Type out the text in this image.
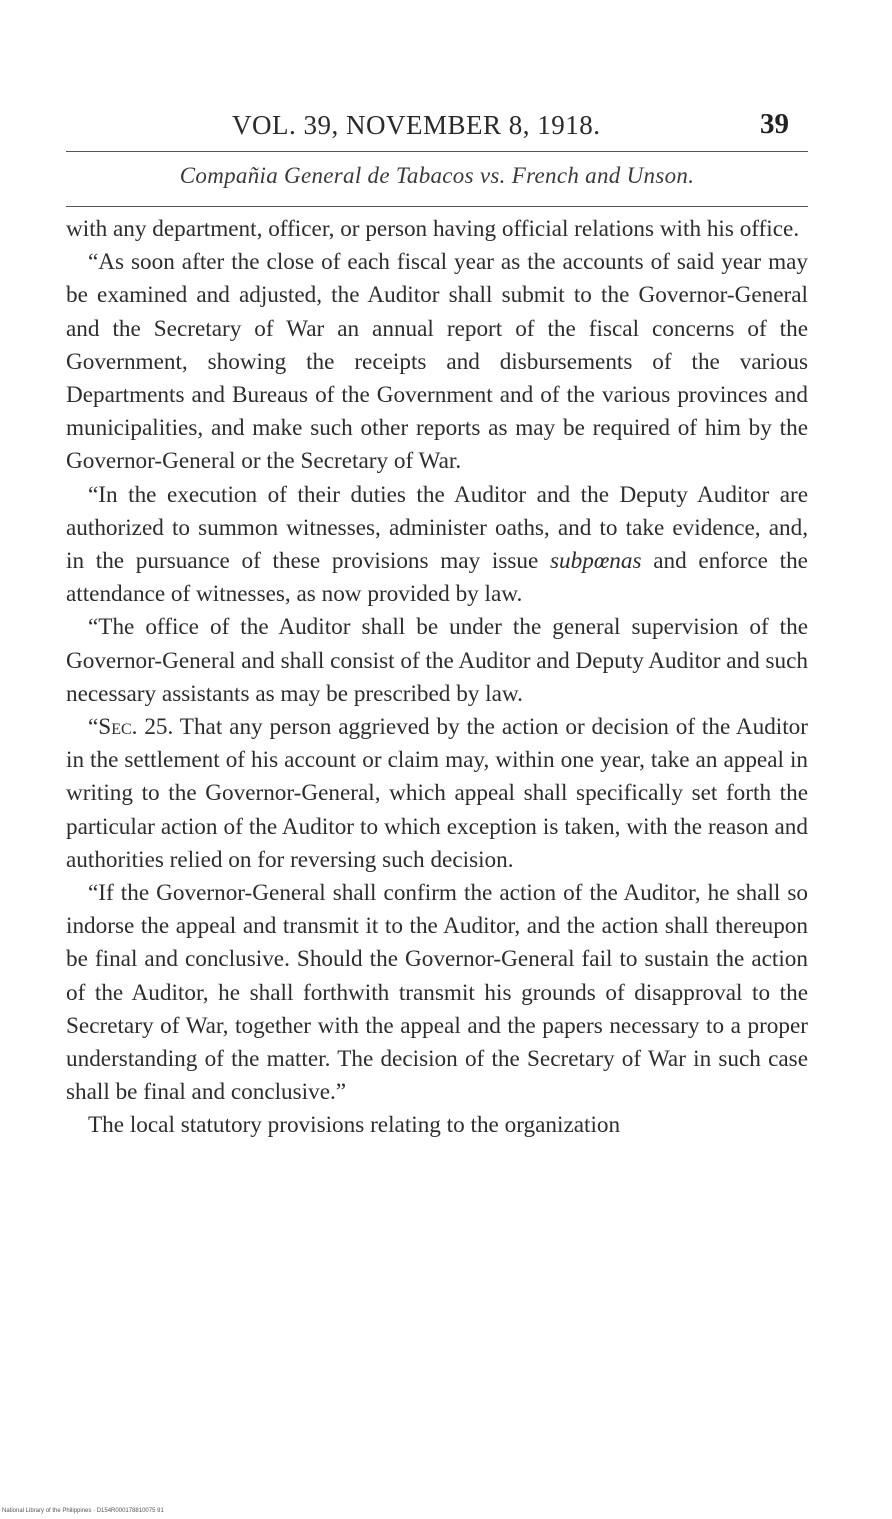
VOL. 39, NOVEMBER 8, 1918.	39
Compañia General de Tabacos vs. French and Unson.

with any department, officer, or person having official relations with his office.

“As soon after the close of each fiscal year as the accounts of said year may be examined and adjusted, the Auditor shall submit to the Governor-General and the Secretary of War an annual report of the fiscal concerns of the Government, showing the receipts and disbursements of the various Departments and Bureaus of the Government and of the various provinces and municipalities, and make such other reports as may be required of him by the Governor-General or the Secretary of War.

“In the execution of their duties the Auditor and the Deputy Auditor are authorized to summon witnesses, administer oaths, and to take evidence, and, in the pursuance of these provisions may issue subpœnas and enforce the attendance of witnesses, as now provided by law.

“The office of the Auditor shall be under the general supervision of the Governor-General and shall consist of the Auditor and Deputy Auditor and such necessary assistants as may be prescribed by law.

“Sec. 25. That any person aggrieved by the action or decision of the Auditor in the settlement of his account or claim may, within one year, take an appeal in writing to the Governor-General, which appeal shall specifically set forth the particular action of the Auditor to which exception is taken, with the reason and authorities relied on for reversing such decision.

“If the Governor-General shall confirm the action of the Auditor, he shall so indorse the appeal and transmit it to the Auditor, and the action shall thereupon be final and conclusive. Should the Governor-General fail to sustain the action of the Auditor, he shall forthwith transmit his grounds of disapproval to the Secretary of War, together with the appeal and the papers necessary to a proper understanding of the matter. The decision of the Secretary of War in such case shall be final and conclusive.”

The local statutory provisions relating to the organization

National Library of the Philippines · D154R000178810075 91
